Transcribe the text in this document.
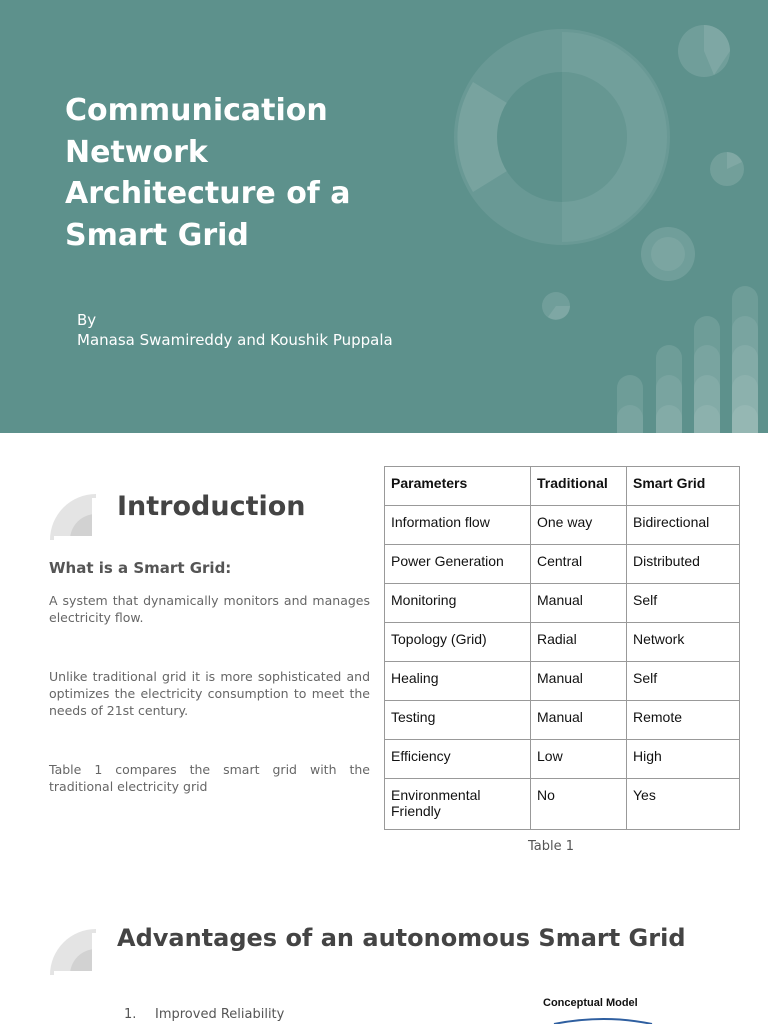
Communication
Network
Architecture of a
Smart Grid
By
Manasa Swamireddy and Koushik Puppala
Introduction
What is a Smart Grid:

A system that dynamically monitors and manages electricity flow.

Unlike traditional grid it is more sophisticated and optimizes the electricity consumption to meet the needs of 21st century.

Table 1 compares the smart grid with the traditional electricity grid

Parameters	Traditional	Smart Grid
Information flow	One way	Bidirectional
Power Generation	Central	Distributed
Monitoring	Manual	Self
Topology (Grid)	Radial	Network
Healing	Manual	Self
Testing	Manual	Remote
Efficiency	Low	High
Environmental Friendly	No	Yes
Table 1
Advantages of an autonomous Smart Grid
1.	Improved Reliability
Conceptual Model
